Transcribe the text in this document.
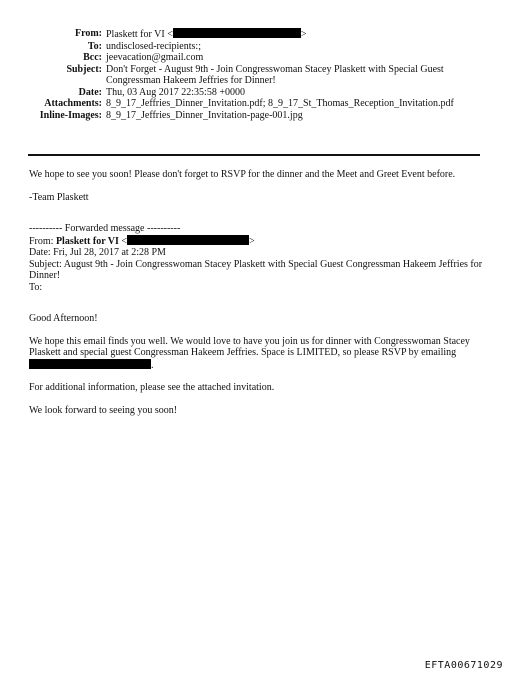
From: Plaskett for VI <	>
To: undisclosed-recipients:;
Bcc: jeevacation@gmail.com
Subject: Don't Forget - August 9th - Join Congresswoman Stacey Plaskett with Special Guest Congressman Hakeem Jeffries for Dinner!
Date: Thu, 03 Aug 2017 22:35:58 +0000
Attachments: 8_9_17_Jeffries_Dinner_Invitation.pdf; 8_9_17_St_Thomas_Reception_Invitation.pdf
Inline-Images: 8_9_17_Jeffries_Dinner_Invitation-page-001.jpg

We hope to see you soon! Please don't forget to RSVP for the dinner and the Meet and Greet Event before.

-Team Plaskett

---------- Forwarded message ----------

From: Plaskett for VI <	>

Date: Fri, Jul 28, 2017 at 2:28 PM

Subject: August 9th - Join Congresswoman Stacey Plaskett with Special Guest Congressman Hakeem Jeffries for Dinner!

To:

Good Afternoon!

We hope this email finds you well. We would love to have you join us for dinner with Congresswoman Stacey Plaskett and special guest Congressman Hakeem Jeffries. Space is LIMITED, so please RSVP by emailing
.

For additional information, please see the attached invitation.

We look forward to seeing you soon!

EFTA00671029
